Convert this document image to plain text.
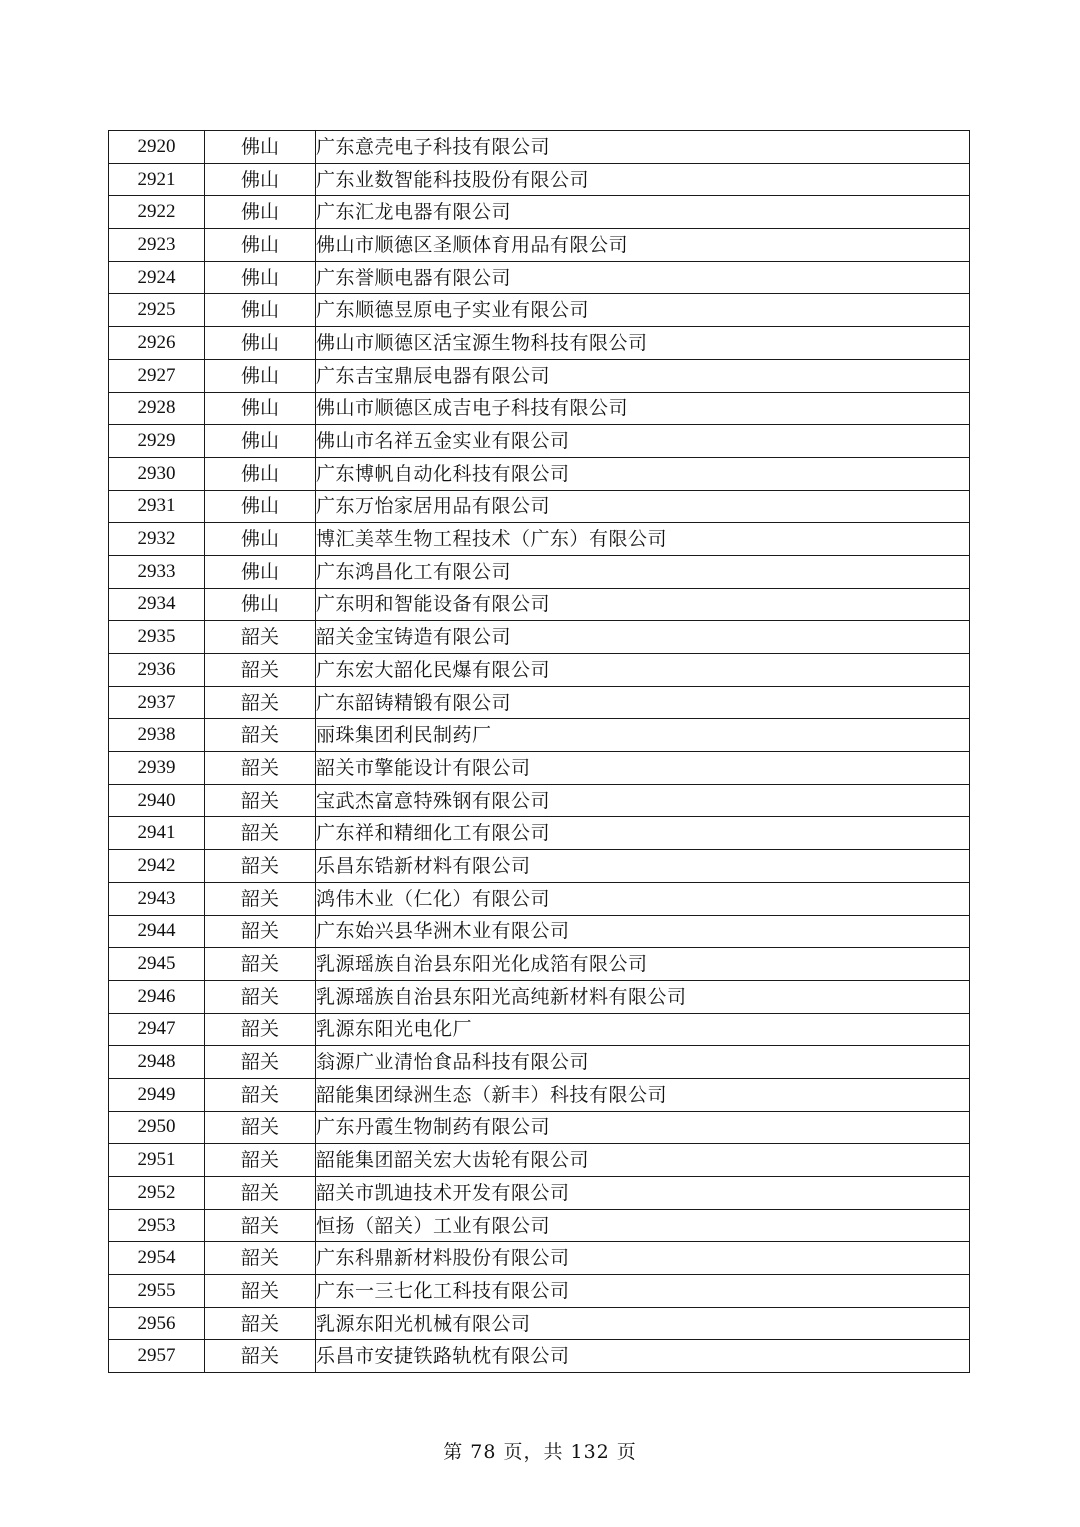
2920	佛山	广东意壳电子科技有限公司
2921	佛山	广东业数智能科技股份有限公司
2922	佛山	广东汇龙电器有限公司
2923	佛山	佛山市顺德区圣顺体育用品有限公司
2924	佛山	广东誉顺电器有限公司
2925	佛山	广东顺德昱原电子实业有限公司
2926	佛山	佛山市顺德区活宝源生物科技有限公司
2927	佛山	广东吉宝鼎辰电器有限公司
2928	佛山	佛山市顺德区成吉电子科技有限公司
2929	佛山	佛山市名祥五金实业有限公司
2930	佛山	广东博帆自动化科技有限公司
2931	佛山	广东万怡家居用品有限公司
2932	佛山	博汇美萃生物工程技术（广东）有限公司
2933	佛山	广东鸿昌化工有限公司
2934	佛山	广东明和智能设备有限公司
2935	韶关	韶关金宝铸造有限公司
2936	韶关	广东宏大韶化民爆有限公司
2937	韶关	广东韶铸精锻有限公司
2938	韶关	丽珠集团利民制药厂
2939	韶关	韶关市擎能设计有限公司
2940	韶关	宝武杰富意特殊钢有限公司
2941	韶关	广东祥和精细化工有限公司
2942	韶关	乐昌东锆新材料有限公司
2943	韶关	鸿伟木业（仁化）有限公司
2944	韶关	广东始兴县华洲木业有限公司
2945	韶关	乳源瑶族自治县东阳光化成箔有限公司
2946	韶关	乳源瑶族自治县东阳光高纯新材料有限公司
2947	韶关	乳源东阳光电化厂
2948	韶关	翁源广业清怡食品科技有限公司
2949	韶关	韶能集团绿洲生态（新丰）科技有限公司
2950	韶关	广东丹霞生物制药有限公司
2951	韶关	韶能集团韶关宏大齿轮有限公司
2952	韶关	韶关市凯迪技术开发有限公司
2953	韶关	恒扬（韶关）工业有限公司
2954	韶关	广东科鼎新材料股份有限公司
2955	韶关	广东一三七化工科技有限公司
2956	韶关	乳源东阳光机械有限公司
2957	韶关	乐昌市安捷铁路轨枕有限公司
第 78 页，共 132 页
